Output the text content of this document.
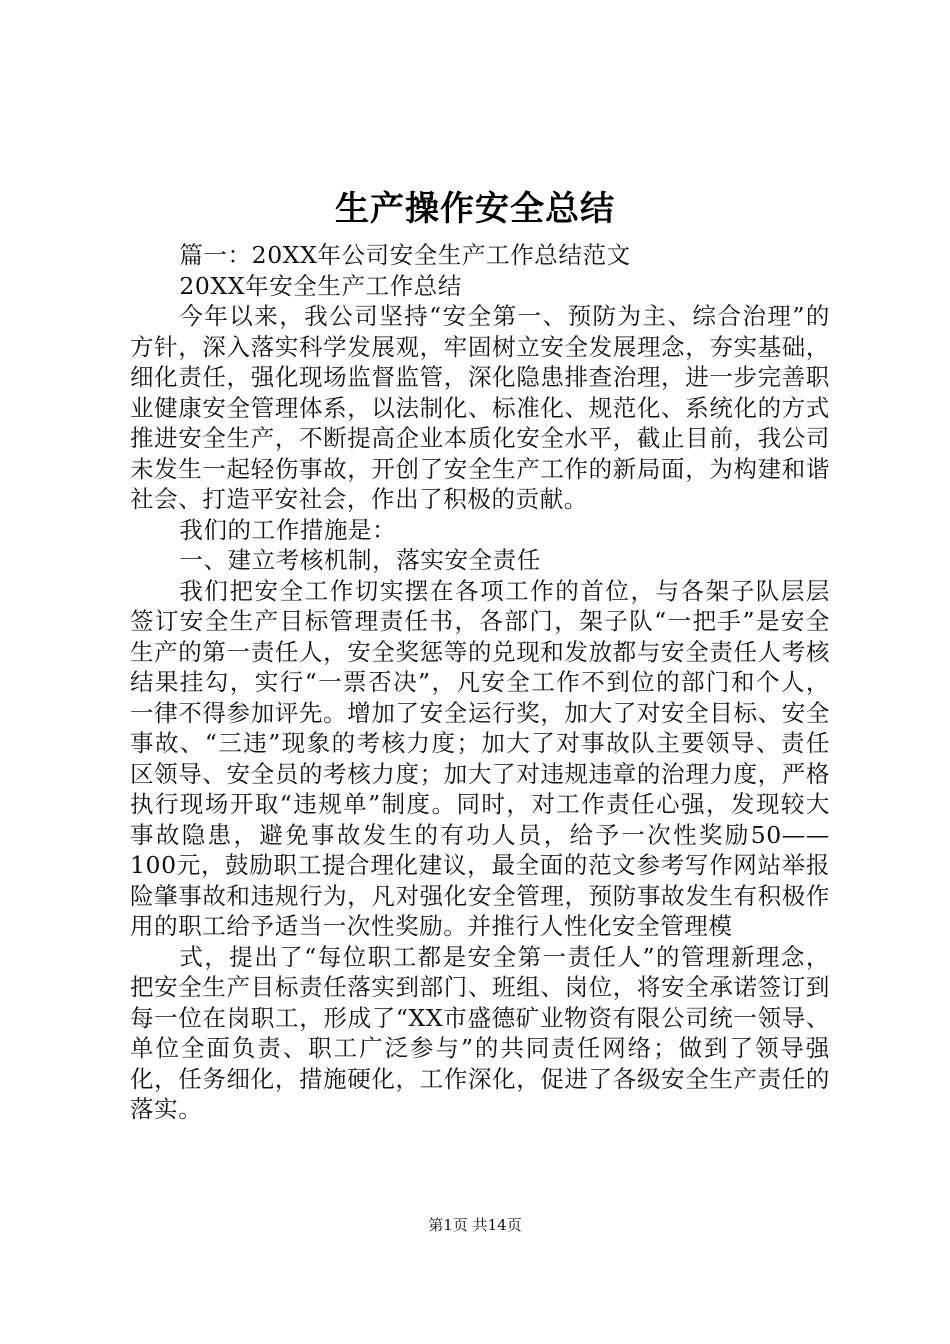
生产操作安全总结

篇一：20XX年公司安全生产工作总结范文

20XX年安全生产工作总结

今年以来，我公司坚持“安全第一、预防为主、综合治理”的方针，深入落实科学发展观，牢固树立安全发展理念，夯实基础，细化责任，强化现场监督监管，深化隐患排查治理，进一步完善职业健康安全管理体系，以法制化、标准化、规范化、系统化的方式推进安全生产，不断提高企业本质化安全水平，截止目前，我公司未发生一起轻伤事故，开创了安全生产工作的新局面，为构建和谐社会、打造平安社会，作出了积极的贡献。

我们的工作措施是：

一、建立考核机制，落实安全责任

我们把安全工作切实摆在各项工作的首位，与各架子队层层签订安全生产目标管理责任书，各部门，架子队“一把手”是安全生产的第一责任人，安全奖惩等的兑现和发放都与安全责任人考核结果挂勾，实行“一票否决”，凡安全工作不到位的部门和个人，一律不得参加评先。增加了安全运行奖，加大了对安全目标、安全事故、“三违”现象的考核力度；加大了对事故队主要领导、责任区领导、安全员的考核力度；加大了对违规违章的治理力度，严格执行现场开取“违规单”制度。同时，对工作责任心强，发现较大事故隐患，避免事故发生的有功人员，给予一次性奖励50——100元，鼓励职工提合理化建议，最全面的范文参考写作网站举报险肇事故和违规行为，凡对强化安全管理，预防事故发生有积极作用的职工给予适当一次性奖励。并推行人性化安全管理模

式，提出了“每位职工都是安全第一责任人”的管理新理念，把安全生产目标责任落实到部门、班组、岗位，将安全承诺签订到每一位在岗职工，形成了“XX市盛德矿业物资有限公司统一领导、单位全面负责、职工广泛参与”的共同责任网络；做到了领导强化，任务细化，措施硬化，工作深化，促进了各级安全生产责任的落实。

第1页 共14页
